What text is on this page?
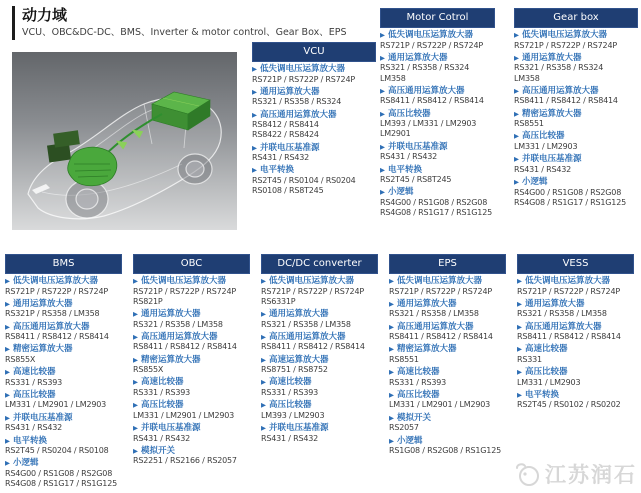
动力域

VCU、OBC&DC-DC、BMS、Inverter & motor control、Gear Box、EPS

VCU
▶ 低失调电压运算放大器
RS721P / RS722P / RS724P
▶ 通用运算放大器
RS321 / RS358 / RS324
▶ 高压通用运算放大器
RS8412 / RS8414
RS8422 / RS8424
▶ 并联电压基准源
RS431 / RS432
▶ 电平转换
RS2T45 / RS0104 / RS0204
RS0108 / RS8T245
Motor Cotrol
▶ 低失调电压运算放大器
RS721P / RS722P / RS724P
▶ 通用运算放大器
RS321 / RS358 / RS324
LM358
▶ 高压通用运算放大器
RS8411 / RS8412 / RS8414
▶ 高压比较器
LM393 / LM331 / LM2903
LM2901
▶ 并联电压基准源
RS431 / RS432
▶ 电平转换
RS2T45 / RS8T245
▶ 小逻辑
RS4G00 / RS1G08 / RS2G08
RS4G08 / RS1G17 / RS1G125
Gear box
▶ 低失调电压运算放大器
RS721P / RS722P / RS724P
▶ 通用运算放大器
RS321 / RS358 / RS324
LM358
▶ 高压通用运算放大器
RS8411 / RS8412 / RS8414
▶ 精密运算放大器
RS8551
▶ 高压比较器
LM331 / LM2903
▶ 并联电压基准源
RS431 / RS432
▶ 小逻辑
RS4G00 / RS1G08 / RS2G08
RS4G08 / RS1G17 / RS1G125
BMS
▶ 低失调电压运算放大器
RS721P / RS722P / RS724P
▶ 通用运算放大器
RS321P / RS358 / LM358
▶ 高压通用运算放大器
RS8411 / RS8412 / RS8414
▶ 精密运算放大器
RS855X
▶ 高速比较器
RS331 / RS393
▶ 高压比较器
LM331 / LM2901 / LM2903
▶ 并联电压基准源
RS431 / RS432
▶ 电平转换
RS2T45 / RS0204 / RS0108
▶ 小逻辑
RS4G00 / RS1G08 / RS2G08
RS4G08 / RS1G17 / RS1G125
OBC
▶ 低失调电压运算放大器
RS721P / RS722P / RS724P
RS821P
▶ 通用运算放大器
RS321 / RS358 / LM358
▶ 高压通用运算放大器
RS8411 / RS8412 / RS8414
▶ 精密运算放大器
RS855X
▶ 高速比较器
RS331 / RS393
▶ 高压比较器
LM331 / LM2901 / LM2903
▶ 并联电压基准源
RS431 / RS432
▶ 模拟开关
RS2251 / RS2166 / RS2057
DC/DC converter
▶ 低失调电压运算放大器
RS721P / RS722P / RS724P
RS6331P
▶ 通用运算放大器
RS321 / RS358 / LM358
▶ 高压通用运算放大器
RS8411 / RS8412 / RS8414
▶ 高速运算放大器
RS8751 / RS8752
▶ 高速比较器
RS331 / RS393
▶ 高压比较器
LM393 / LM2903
▶ 并联电压基准源
RS431 / RS432
EPS
▶ 低失调电压运算放大器
RS721P / RS722P / RS724P
▶ 通用运算放大器
RS321 / RS358 / LM358
▶ 高压通用运算放大器
RS8411 / RS8412 / RS8414
▶ 精密运算放大器
RS8551
▶ 高速比较器
RS331 / RS393
▶ 高压比较器
LM331 / LM2901 / LM2903
▶ 模拟开关
RS2057
▶ 小逻辑
RS1G08 / RS2G08 / RS1G125
VESS
▶ 低失调电压运算放大器
RS721P / RS722P / RS724P
▶ 通用运算放大器
RS321 / RS358 / LM358
▶ 高压通用运算放大器
RS8411 / RS8412 / RS8414
▶ 高速比较器
RS331
▶ 高压比较器
LM331 / LM2903
▶ 电平转换
RS2T45 / RS0102 / RS0202
江苏润石
